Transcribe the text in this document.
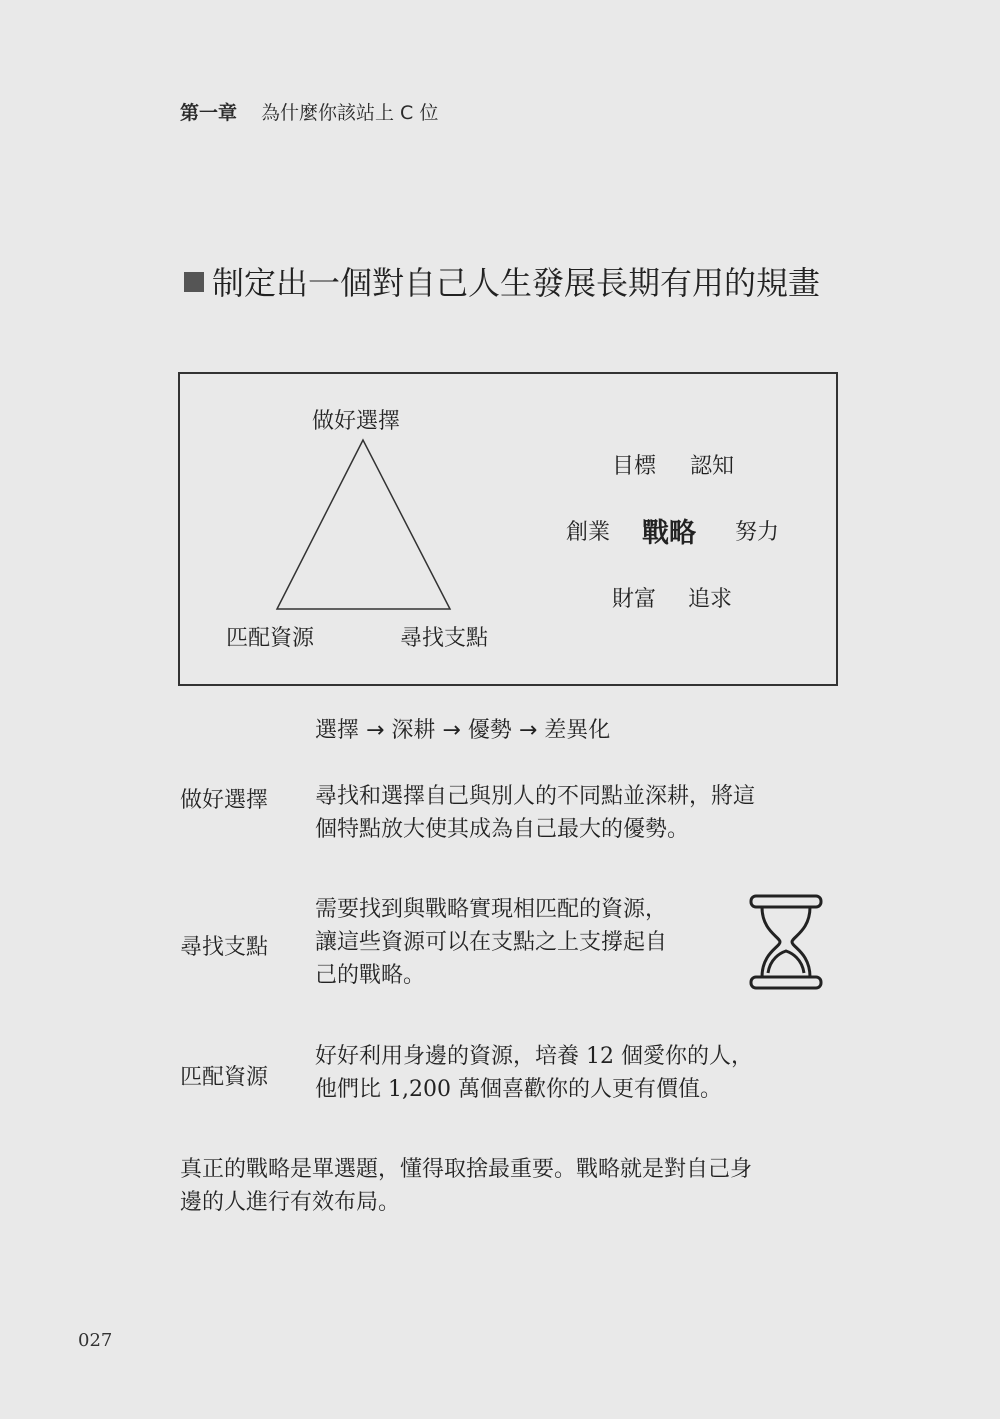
第一章 為什麼你該站上 C 位
制定出一個對自己人生發展長期有用的規畫
做好選擇
匹配資源	尋找支點
目標 認知
創業 戰略 努力
財富 追求
選擇 → 深耕 → 優勢 → 差異化
做好選擇 尋找和選擇自己與別人的不同點並深耕，將這
個特點放大使其成為自己最大的優勢。
尋找支點
需要找到與戰略實現相匹配的資源，
讓這些資源可以在支點之上支撐起自
己的戰略。
匹配資源
好好利用身邊的資源，培養 12 個愛你的人，
他們比 1,200 萬個喜歡你的人更有價值。
真正的戰略是單選題，懂得取捨最重要。戰略就是對自己身
邊的人進行有效布局。
027
